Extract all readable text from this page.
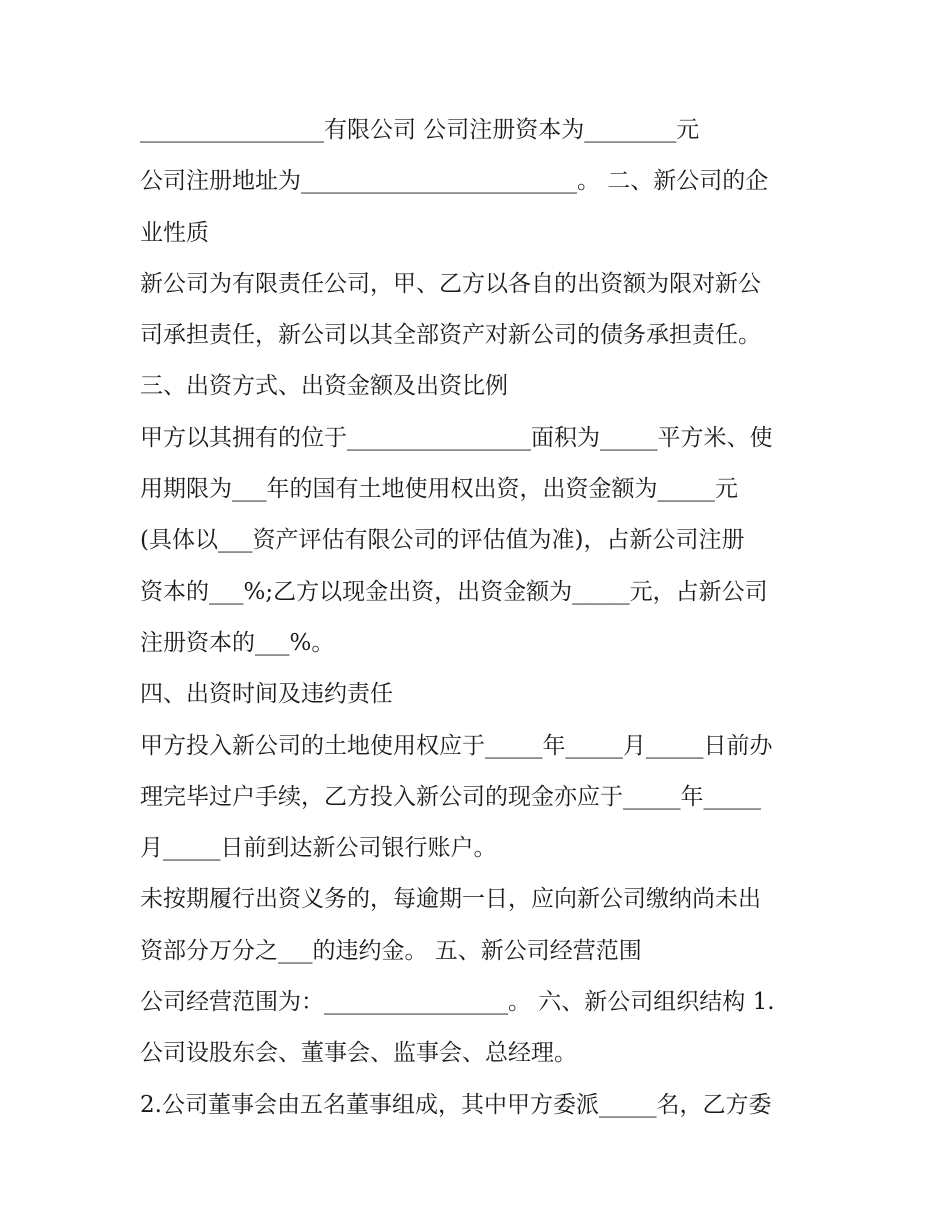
________________有限公司 公司注册资本为________元
公司注册地址为________________________。 二、新公司的企
业性质
新公司为有限责任公司，甲、乙方以各自的出资额为限对新公
司承担责任，新公司以其全部资产对新公司的债务承担责任。
三、出资方式、出资金额及出资比例
甲方以其拥有的位于________________面积为_____平方米、使
用期限为___年的国有土地使用权出资，出资金额为_____元
(具体以___资产评估有限公司的评估值为准)，占新公司注册
资本的___%;乙方以现金出资，出资金额为_____元，占新公司
注册资本的___%。
四、出资时间及违约责任
甲方投入新公司的土地使用权应于_____年_____月_____日前办
理完毕过户手续，乙方投入新公司的现金亦应于_____年_____
月_____日前到达新公司银行账户。
未按期履行出资义务的，每逾期一日，应向新公司缴纳尚未出
资部分万分之___的违约金。 五、新公司经营范围
公司经营范围为：________________。 六、新公司组织结构 1.
公司设股东会、董事会、监事会、总经理。
2.公司董事会由五名董事组成，其中甲方委派_____名，乙方委
